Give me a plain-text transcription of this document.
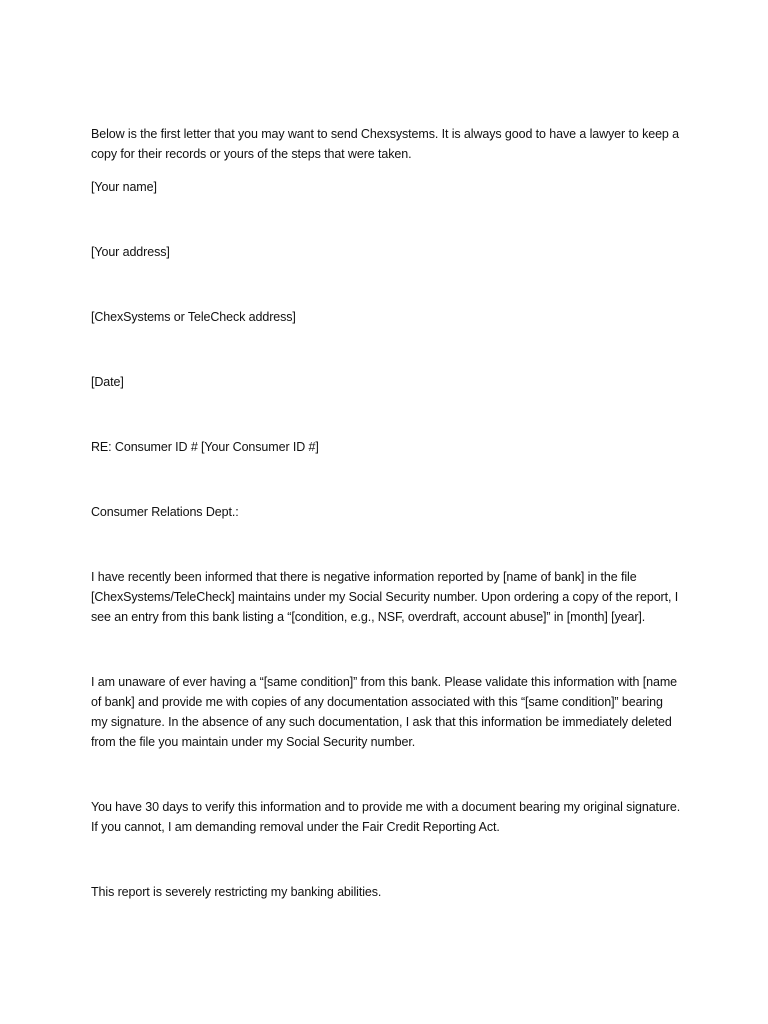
Below is the first letter that you may want to send Chexsystems. It is always good to have a lawyer to keep a copy for their records or yours of the steps that were taken.

[Your name]

[Your address]

[ChexSystems or TeleCheck address]

[Date]

RE: Consumer ID # [Your Consumer ID #]

Consumer Relations Dept.:

I have recently been informed that there is negative information reported by [name of bank] in the file [ChexSystems/TeleCheck] maintains under my Social Security number. Upon ordering a copy of the report, I see an entry from this bank listing a “[condition, e.g., NSF, overdraft, account abuse]” in [month] [year].

I am unaware of ever having a “[same condition]” from this bank. Please validate this information with [name of bank] and provide me with copies of any documentation associated with this “[same condition]” bearing my signature. In the absence of any such documentation, I ask that this information be immediately deleted from the file you maintain under my Social Security number.

You have 30 days to verify this information and to provide me with a document bearing my original signature. If you cannot, I am demanding removal under the Fair Credit Reporting Act.

This report is severely restricting my banking abilities.
